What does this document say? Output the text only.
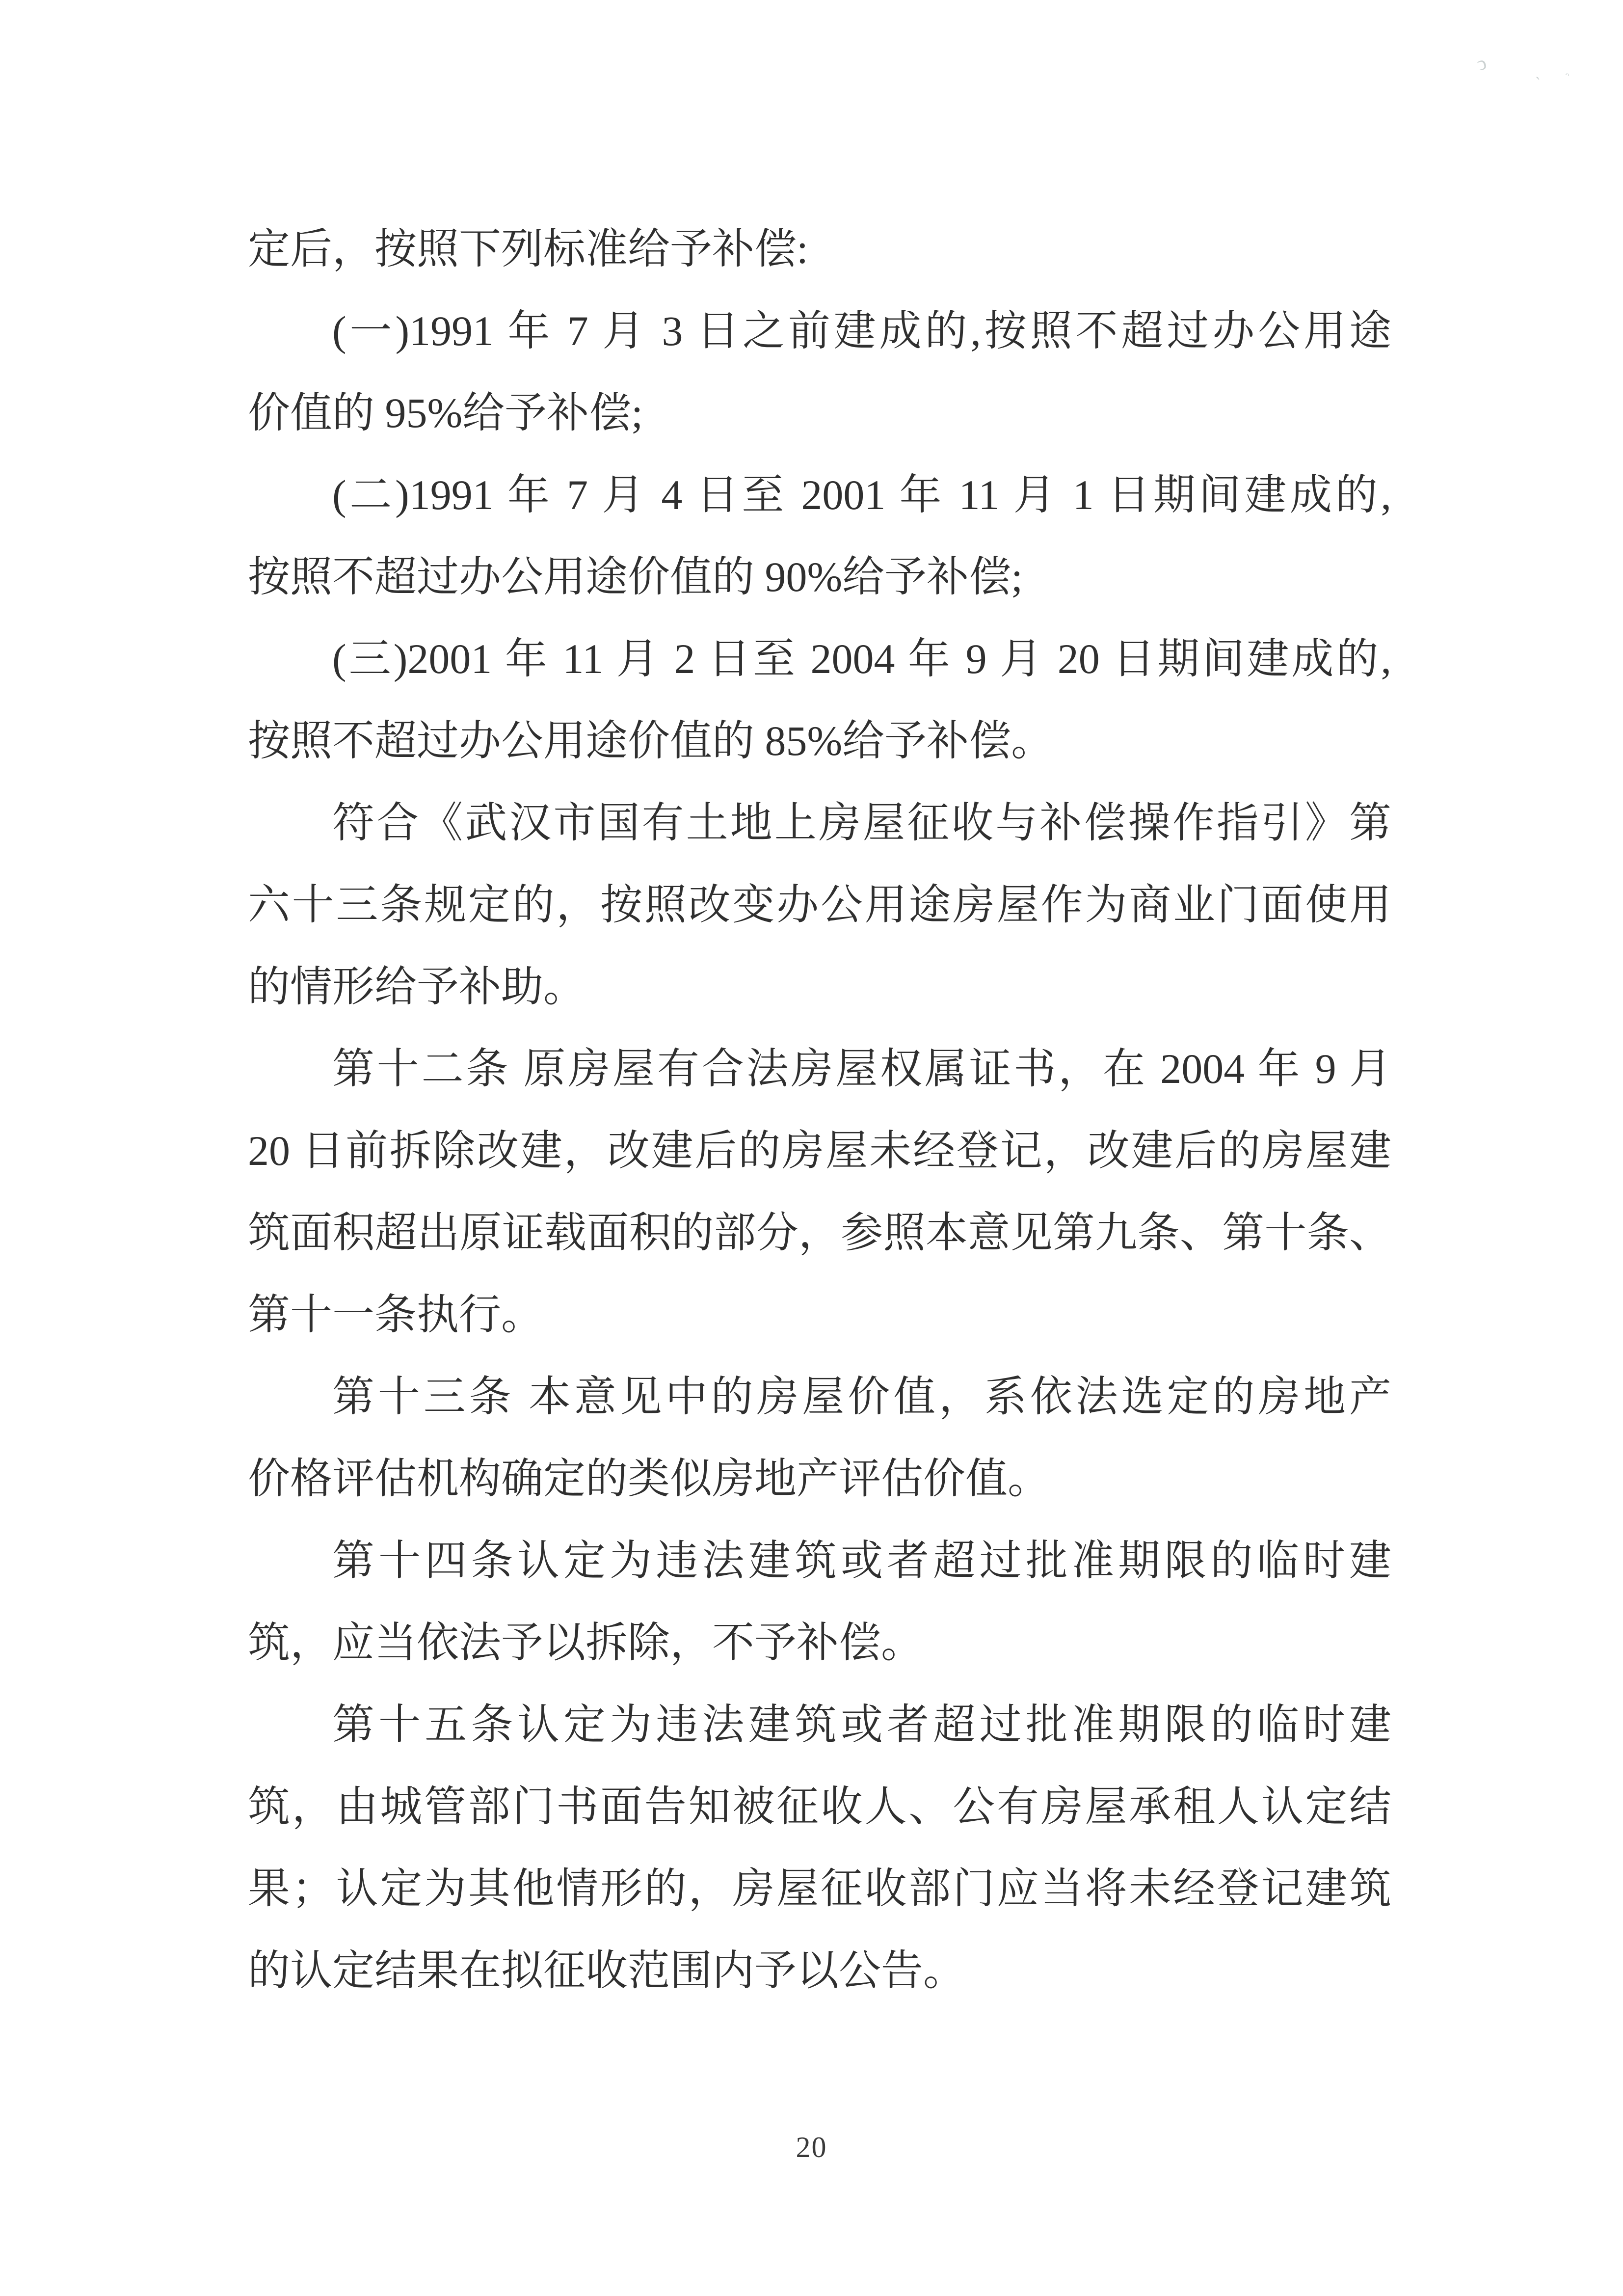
ↄ	ˏ ᵔ
定后，按照下列标准给予补偿:
(一)1991 年 7 月 3 日之前建成的,按照不超过办公用途
价值的 95%给予补偿;
(二)1991 年 7 月 4 日至 2001 年 11 月 1 日期间建成的,
按照不超过办公用途价值的 90%给予补偿;
(三)2001 年 11 月 2 日至 2004 年 9 月 20 日期间建成的,
按照不超过办公用途价值的 85%给予补偿。
符合《武汉市国有土地上房屋征收与补偿操作指引》第
六十三条规定的，按照改变办公用途房屋作为商业门面使用
的情形给予补助。
第十二条 原房屋有合法房屋权属证书，在 2004 年 9 月
20 日前拆除改建，改建后的房屋未经登记，改建后的房屋建
筑面积超出原证载面积的部分，参照本意见第九条、第十条、
第十一条执行。
第十三条 本意见中的房屋价值，系依法选定的房地产
价格评估机构确定的类似房地产评估价值。
第十四条认定为违法建筑或者超过批准期限的临时建
筑，应当依法予以拆除，不予补偿。
第十五条认定为违法建筑或者超过批准期限的临时建
筑，由城管部门书面告知被征收人、公有房屋承租人认定结
果；认定为其他情形的，房屋征收部门应当将未经登记建筑
的认定结果在拟征收范围内予以公告。
20
